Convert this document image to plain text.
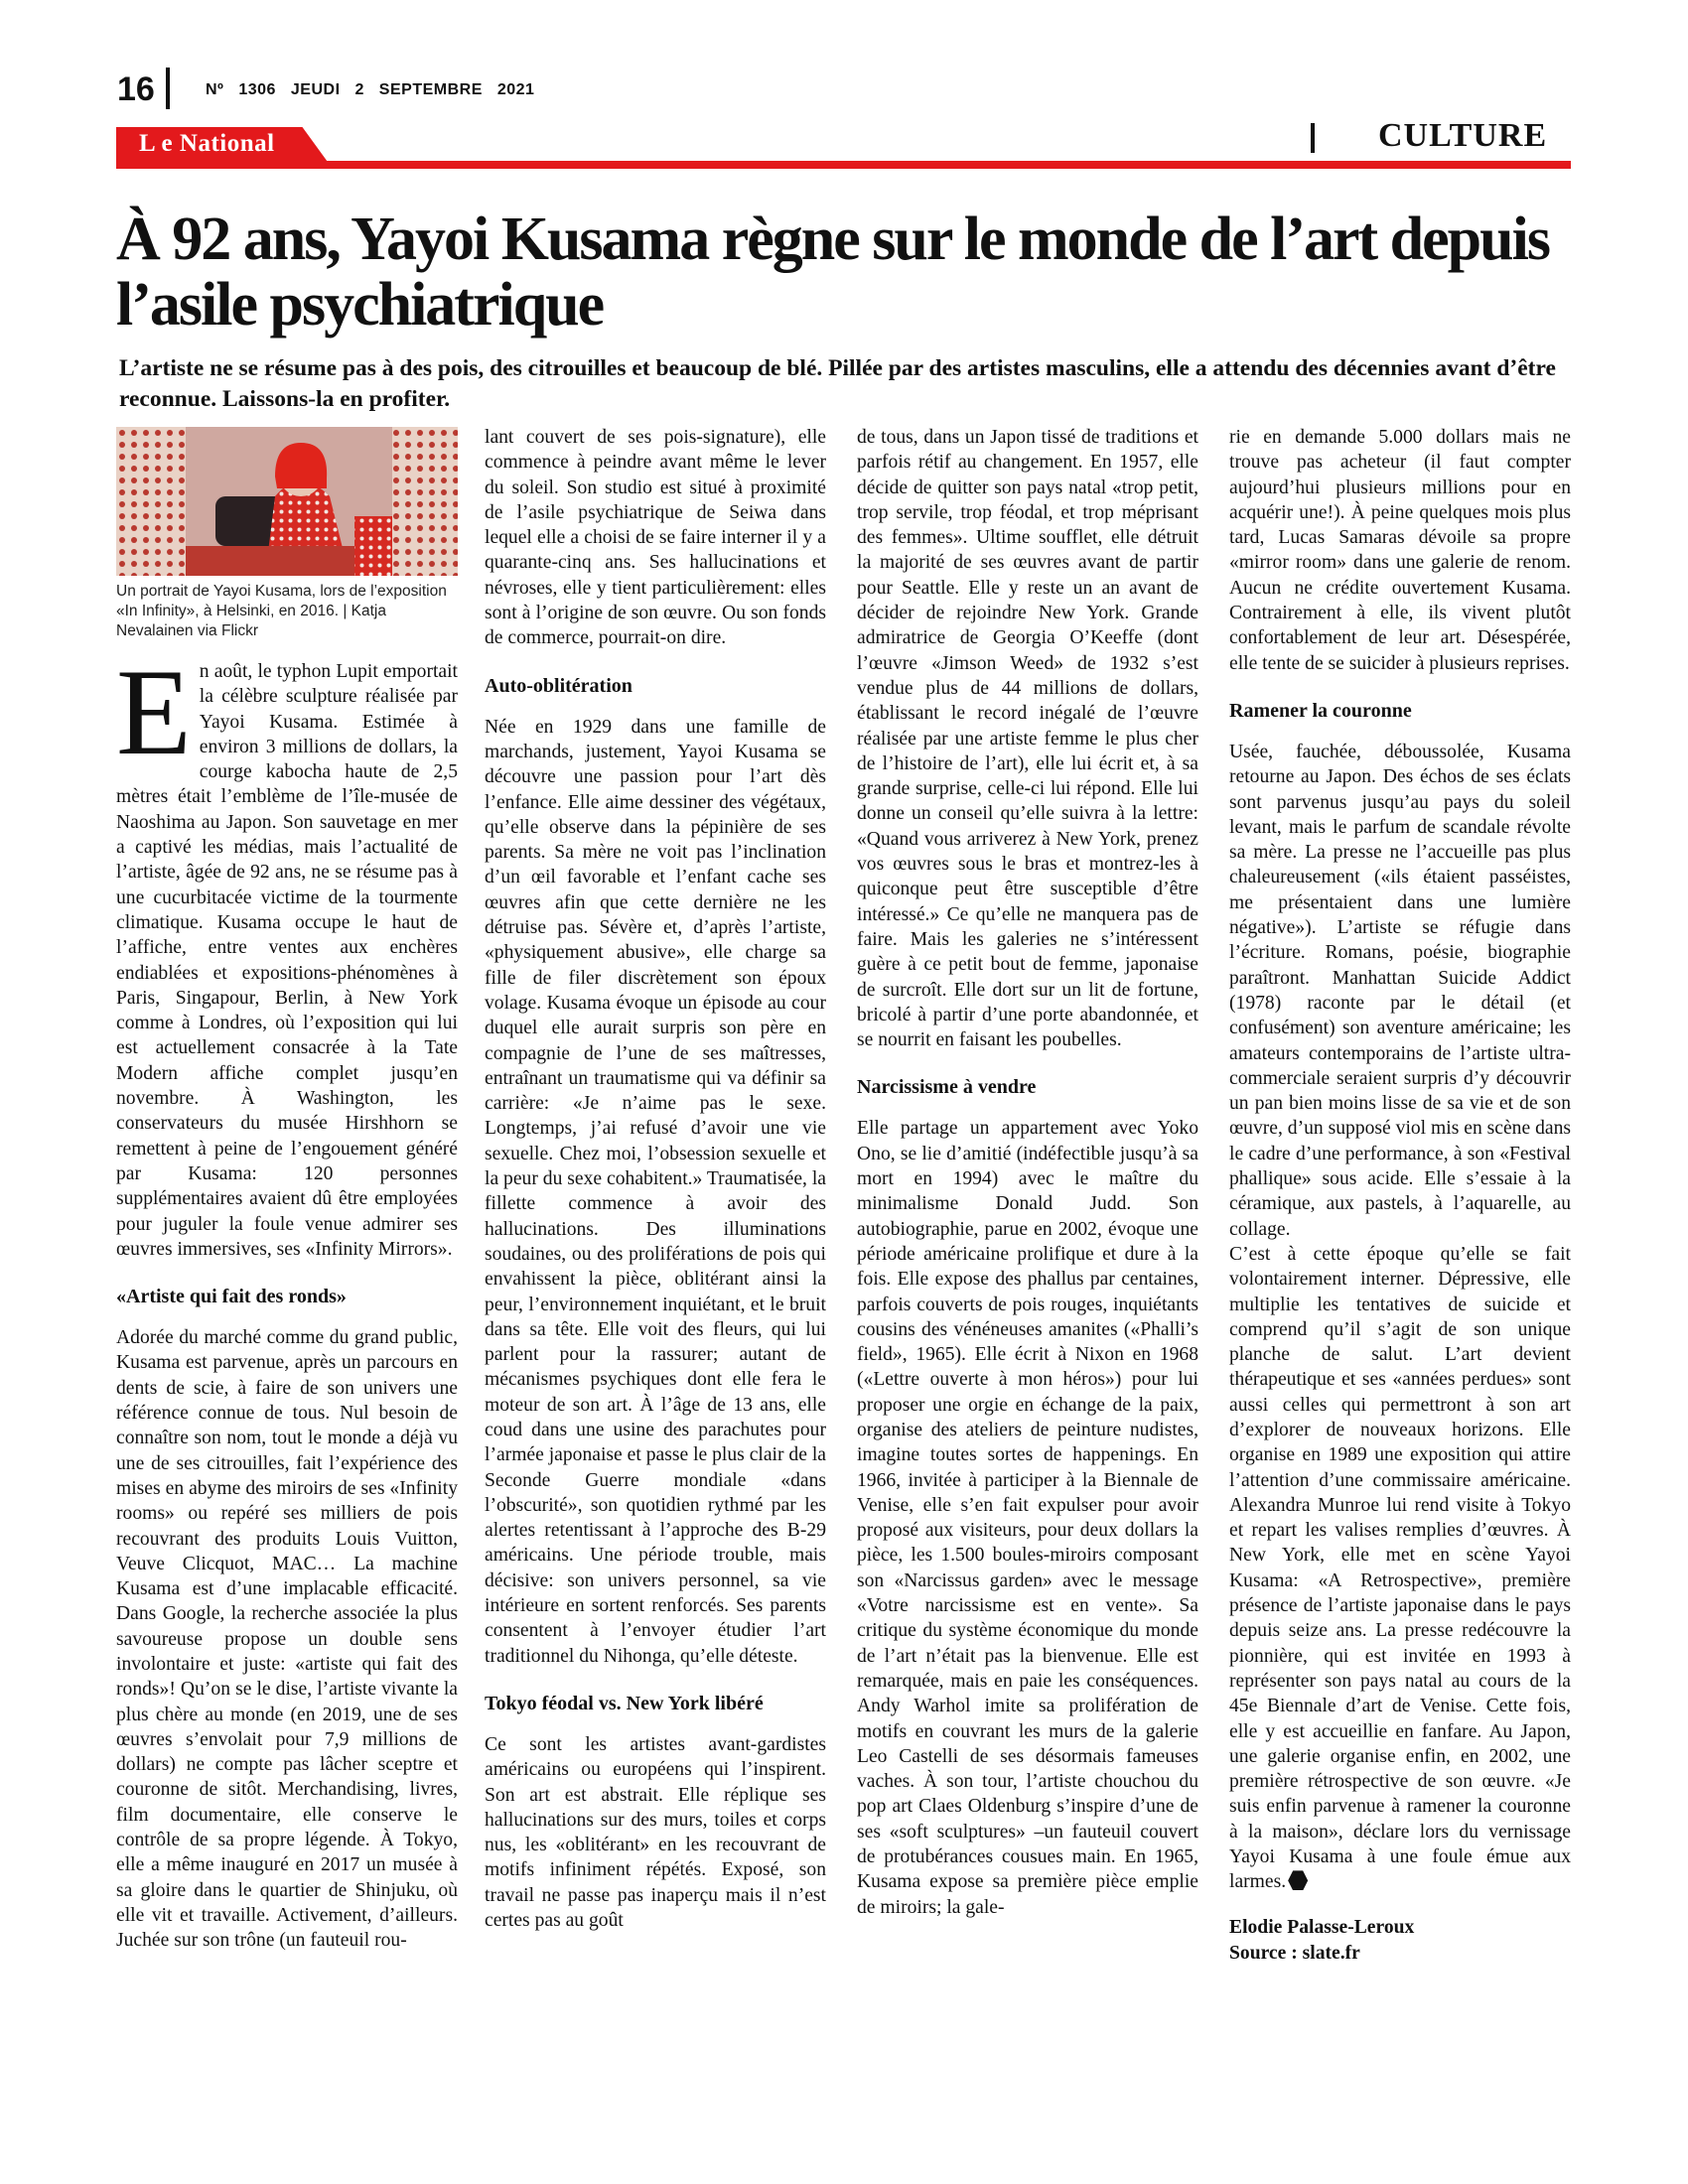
16	Nº 1306 JEUDI 2 SEPTEMBRE 2021
L e National	CULTURE
À 92 ans, Yayoi Kusama règne sur le monde de l’art depuis l’asile psychiatrique
L’artiste ne se résume pas à des pois, des citrouilles et beaucoup de blé. Pillée par des artistes masculins, elle a attendu des décennies avant d’être reconnue. Laissons-la en profiter.
Un portrait de Yayoi Kusama, lors de l’exposition «In Infinity», à Helsinki, en 2016. | Katja Nevalainen via Flickr

En août, le typhon Lupit emportait la célèbre sculpture réalisée par Yayoi Kusama. Estimée à environ 3 millions de dollars, la courge kabocha haute de 2,5 mètres était l’emblème de l’île-musée de Naoshima au Japon. Son sauvetage en mer a captivé les médias, mais l’actualité de l’artiste, âgée de 92 ans, ne se résume pas à une cucurbitacée victime de la tourmente climatique. Kusama occupe le haut de l’affiche, entre ventes aux enchères endiablées et expositions-phénomènes à Paris, Singapour, Berlin, à New York comme à Londres, où l’exposition qui lui est actuellement consacrée à la Tate Modern affiche complet jusqu’en novembre. À Washington, les conservateurs du musée Hirshhorn se remettent à peine de l’engouement généré par Kusama: 120 personnes supplémentaires avaient dû être employées pour juguler la foule venue admirer ses œuvres immersives, ses «Infinity Mirrors».

«Artiste qui fait des ronds»

Adorée du marché comme du grand public, Kusama est parvenue, après un parcours en dents de scie, à faire de son univers une référence connue de tous. Nul besoin de connaître son nom, tout le monde a déjà vu une de ses citrouilles, fait l’expérience des mises en abyme des miroirs de ses «Infinity rooms» ou repéré ses milliers de pois recouvrant des produits Louis Vuitton, Veuve Clicquot, MAC… La machine Kusama est d’une implacable efficacité. Dans Google, la recherche associée la plus savoureuse propose un double sens involontaire et juste: «artiste qui fait des ronds»! Qu’on se le dise, l’artiste vivante la plus chère au monde (en 2019, une de ses œuvres s’envolait pour 7,9 millions de dollars) ne compte pas lâcher sceptre et couronne de sitôt. Merchandising, livres, film documentaire, elle conserve le contrôle de sa propre légende. À Tokyo, elle a même inauguré en 2017 un musée à sa gloire dans le quartier de Shinjuku, où elle vit et travaille. Activement, d’ailleurs. Juchée sur son trône (un fauteuil rou-

lant couvert de ses pois-signature), elle commence à peindre avant même le lever du soleil. Son studio est situé à proximité de l’asile psychiatrique de Seiwa dans lequel elle a choisi de se faire interner il y a quarante-cinq ans. Ses hallucinations et névroses, elle y tient particulièrement: elles sont à l’origine de son œuvre. Ou son fonds de commerce, pourrait-on dire.

Auto-oblitération

Née en 1929 dans une famille de marchands, justement, Yayoi Kusama se découvre une passion pour l’art dès l’enfance. Elle aime dessiner des végétaux, qu’elle observe dans la pépinière de ses parents. Sa mère ne voit pas l’inclination d’un œil favorable et l’enfant cache ses œuvres afin que cette dernière ne les détruise pas. Sévère et, d’après l’artiste, «physiquement abusive», elle charge sa fille de filer discrètement son époux volage. Kusama évoque un épisode au cour duquel elle aurait surpris son père en compagnie de l’une de ses maîtresses, entraînant un traumatisme qui va définir sa carrière: «Je n’aime pas le sexe. Longtemps, j’ai refusé d’avoir une vie sexuelle. Chez moi, l’obsession sexuelle et la peur du sexe cohabitent.» Traumatisée, la fillette commence à avoir des hallucinations. Des illuminations soudaines, ou des proliférations de pois qui envahissent la pièce, oblitérant ainsi la peur, l’environnement inquiétant, et le bruit dans sa tête. Elle voit des fleurs, qui lui parlent pour la rassurer; autant de mécanismes psychiques dont elle fera le moteur de son art. À l’âge de 13 ans, elle coud dans une usine des parachutes pour l’armée japonaise et passe le plus clair de la Seconde Guerre mondiale «dans l’obscurité», son quotidien rythmé par les alertes retentissant à l’approche des B-29 américains. Une période trouble, mais décisive: son univers personnel, sa vie intérieure en sortent renforcés. Ses parents consentent à l’envoyer étudier l’art traditionnel du Nihonga, qu’elle déteste.

Tokyo féodal vs. New York libéré

Ce sont les artistes avant-gardistes américains ou européens qui l’inspirent. Son art est abstrait. Elle réplique ses hallucinations sur des murs, toiles et corps nus, les «oblitérant» en les recouvrant de motifs infiniment répétés. Exposé, son travail ne passe pas inaperçu mais il n’est certes pas au goût

de tous, dans un Japon tissé de traditions et parfois rétif au changement. En 1957, elle décide de quitter son pays natal «trop petit, trop servile, trop féodal, et trop méprisant des femmes». Ultime soufflet, elle détruit la majorité de ses œuvres avant de partir pour Seattle. Elle y reste un an avant de décider de rejoindre New York. Grande admiratrice de Georgia O’Keeffe (dont l’œuvre «Jimson Weed» de 1932 s’est vendue plus de 44 millions de dollars, établissant le record inégalé de l’œuvre réalisée par une artiste femme le plus cher de l’histoire de l’art), elle lui écrit et, à sa grande surprise, celle-ci lui répond. Elle lui donne un conseil qu’elle suivra à la lettre: «Quand vous arriverez à New York, prenez vos œuvres sous le bras et montrez-les à quiconque peut être susceptible d’être intéressé.» Ce qu’elle ne manquera pas de faire. Mais les galeries ne s’intéressent guère à ce petit bout de femme, japonaise de surcroît. Elle dort sur un lit de fortune, bricolé à partir d’une porte abandonnée, et se nourrit en faisant les poubelles.

Narcissisme à vendre

Elle partage un appartement avec Yoko Ono, se lie d’amitié (indéfectible jusqu’à sa mort en 1994) avec le maître du minimalisme Donald Judd. Son autobiographie, parue en 2002, évoque une période américaine prolifique et dure à la fois. Elle expose des phallus par centaines, parfois couverts de pois rouges, inquiétants cousins des vénéneuses amanites («Phalli’s field», 1965). Elle écrit à Nixon en 1968 («Lettre ouverte à mon héros») pour lui proposer une orgie en échange de la paix, organise des ateliers de peinture nudistes, imagine toutes sortes de happenings. En 1966, invitée à participer à la Biennale de Venise, elle s’en fait expulser pour avoir proposé aux visiteurs, pour deux dollars la pièce, les 1.500 boules-miroirs composant son «Narcissus garden» avec le message «Votre narcissisme est en vente». Sa critique du système économique du monde de l’art n’était pas la bienvenue. Elle est remarquée, mais en paie les conséquences. Andy Warhol imite sa prolifération de motifs en couvrant les murs de la galerie Leo Castelli de ses désormais fameuses vaches. À son tour, l’artiste chouchou du pop art Claes Oldenburg s’inspire d’une de ses «soft sculptures» –un fauteuil couvert de protubérances cousues main. En 1965, Kusama expose sa première pièce emplie de miroirs; la gale-

rie en demande 5.000 dollars mais ne trouve pas acheteur (il faut compter aujourd’hui plusieurs millions pour en acquérir une!). À peine quelques mois plus tard, Lucas Samaras dévoile sa propre «mirror room» dans une galerie de renom. Aucun ne crédite ouvertement Kusama. Contrairement à elle, ils vivent plutôt confortablement de leur art. Désespérée, elle tente de se suicider à plusieurs reprises.

Ramener la couronne

Usée, fauchée, déboussolée, Kusama retourne au Japon. Des échos de ses éclats sont parvenus jusqu’au pays du soleil levant, mais le parfum de scandale révolte sa mère. La presse ne l’accueille pas plus chaleureusement («ils étaient passéistes, me présentaient dans une lumière négative»). L’artiste se réfugie dans l’écriture. Romans, poésie, biographie paraîtront. Manhattan Suicide Addict (1978) raconte par le détail (et confusément) son aventure américaine; les amateurs contemporains de l’artiste ultra-commerciale seraient surpris d’y découvrir un pan bien moins lisse de sa vie et de son œuvre, d’un supposé viol mis en scène dans le cadre d’une performance, à son «Festival phallique» sous acide. Elle s’essaie à la céramique, aux pastels, à l’aquarelle, au collage.

C’est à cette époque qu’elle se fait volontairement interner. Dépressive, elle multiplie les tentatives de suicide et comprend qu’il s’agit de son unique planche de salut. L’art devient thérapeutique et ses «années perdues» sont aussi celles qui permettront à son art d’explorer de nouveaux horizons. Elle organise en 1989 une exposition qui attire l’attention d’une commissaire américaine. Alexandra Munroe lui rend visite à Tokyo et repart les valises remplies d’œuvres. À New York, elle met en scène Yayoi Kusama: «A Retrospective», première présence de l’artiste japonaise dans le pays depuis seize ans. La presse redécouvre la pionnière, qui est invitée en 1993 à représenter son pays natal au cours de la 45e Biennale d’art de Venise. Cette fois, elle y est accueillie en fanfare. Au Japon, une galerie organise enfin, en 2002, une première rétrospective de son œuvre. «Je suis enfin parvenue à ramener la couronne à la maison», déclare lors du vernissage Yayoi Kusama à une foule émue aux larmes.

Elodie Palasse-Leroux
Source : slate.fr
